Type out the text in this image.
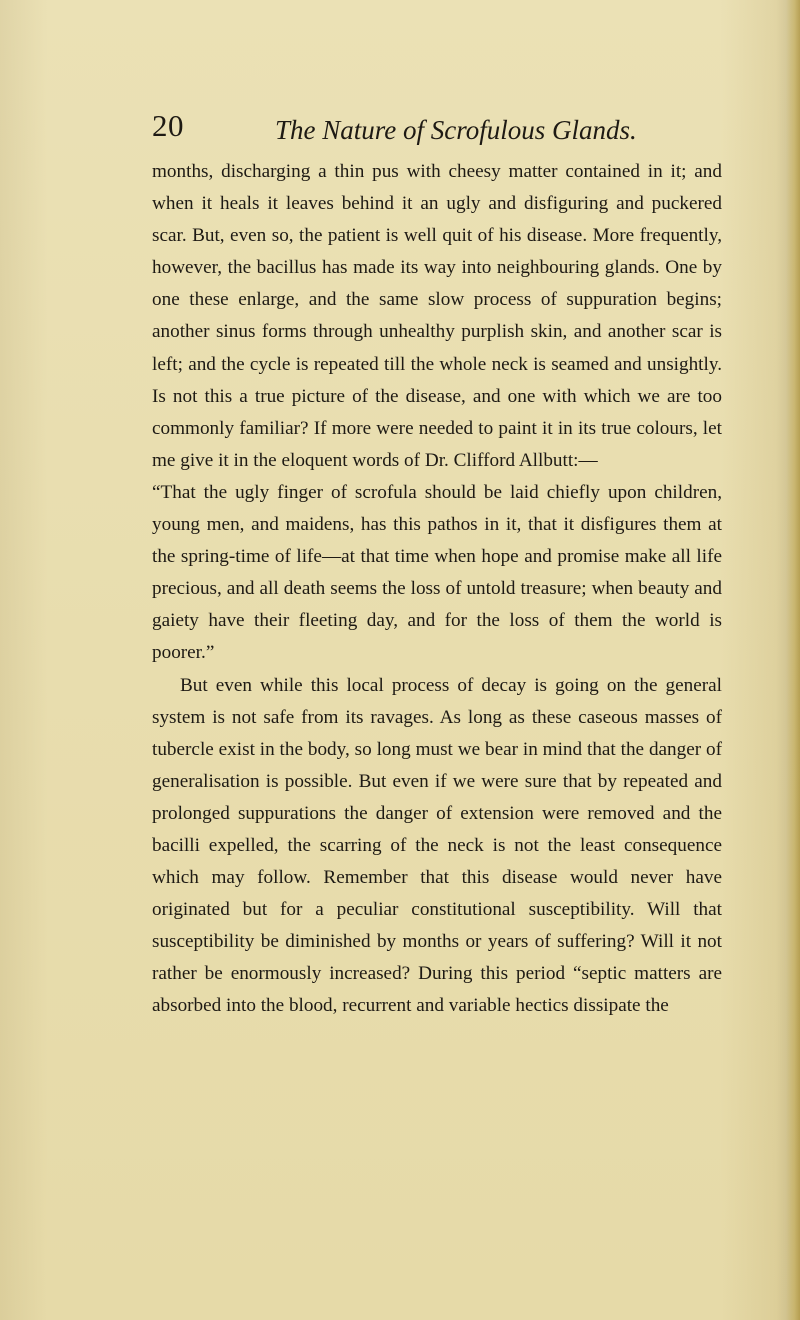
20	The Nature of Scrofulous Glands.

months, discharging a thin pus with cheesy matter contained in it; and when it heals it leaves behind it an ugly and disfiguring and puckered scar. But, even so, the patient is well quit of his disease. More frequently, however, the bacillus has made its way into neighbouring glands. One by one these enlarge, and the same slow process of suppuration begins; another sinus forms through unhealthy purplish skin, and another scar is left; and the cycle is repeated till the whole neck is seamed and unsightly. Is not this a true picture of the disease, and one with which we are too commonly familiar? If more were needed to paint it in its true colours, let me give it in the eloquent words of Dr. Clifford Allbutt:—

“That the ugly finger of scrofula should be laid chiefly upon children, young men, and maidens, has this pathos in it, that it disfigures them at the spring-time of life—at that time when hope and promise make all life precious, and all death seems the loss of untold treasure; when beauty and gaiety have their fleeting day, and for the loss of them the world is poorer.”

But even while this local process of decay is going on the general system is not safe from its ravages. As long as these caseous masses of tubercle exist in the body, so long must we bear in mind that the danger of generalisation is possible. But even if we were sure that by repeated and prolonged suppurations the danger of extension were removed and the bacilli expelled, the scarring of the neck is not the least consequence which may follow. Remember that this disease would never have originated but for a peculiar constitutional susceptibility. Will that susceptibility be diminished by months or years of suffering? Will it not rather be enormously increased? During this period “septic matters are absorbed into the blood, recurrent and variable hectics dissipate the
